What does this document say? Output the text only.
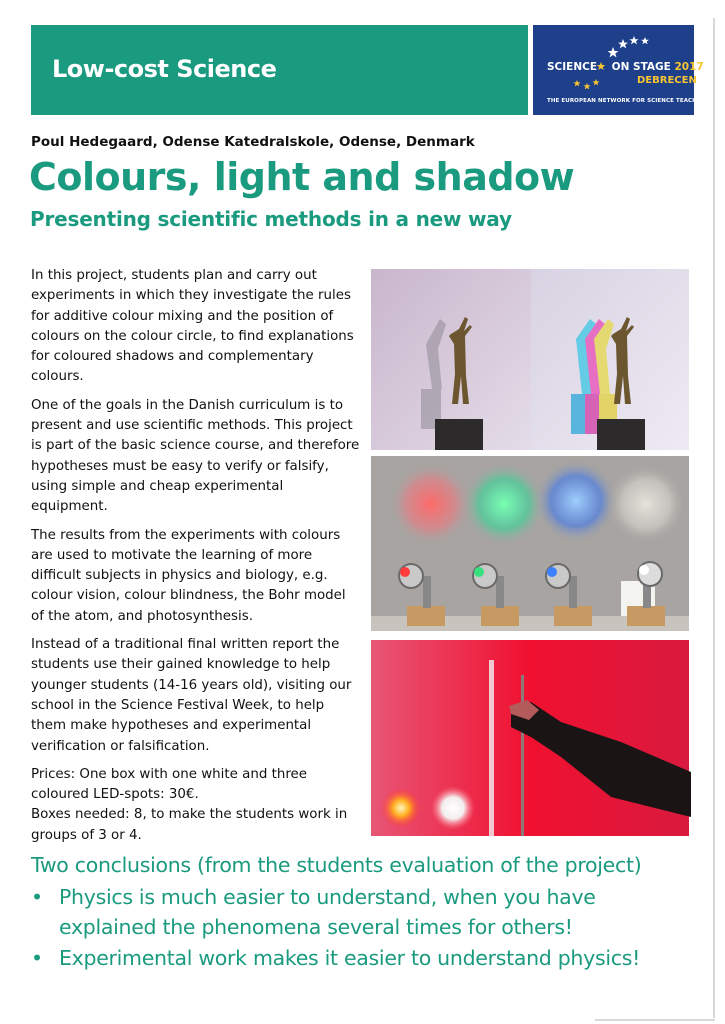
Low-cost Science	SCIENCE ON STAGE 2017
DEBRECEN
THE EUROPEAN NETWORK FOR SCIENCE TEACHERS
Poul Hedegaard, Odense Katedralskole, Odense, Denmark
Colours, light and shadow
Presenting scientific methods in a new way

In this project, students plan and carry out experiments in which they investigate the rules for additive colour mixing and the position of colours on the colour circle, to find explanations for coloured shadows and complementary colours.

One of the goals in the Danish curriculum is to present and use scientific methods. This project is part of the basic science course, and therefore hypotheses must be easy to verify or falsify, using simple and cheap experimental equipment.

The results from the experiments with colours are used to motivate the learning of more difficult subjects in physics and biology, e.g. colour vision, colour blindness, the Bohr model of the atom, and photosynthesis.

Instead of a traditional final written report the students use their gained knowledge to help younger students (14-16 years old), visiting our school in the Science Festival Week, to help them make hypotheses and experimental verification or falsification.

Prices: One box with one white and three coloured LED-spots: 30€.

Boxes needed: 8, to make the students work in groups of 3 or 4.

Two conclusions (from the students evaluation of the project)
• Physics is much easier to understand, when you have explained the phenomena several times for others!
• Experimental work makes it easier to understand physics!
